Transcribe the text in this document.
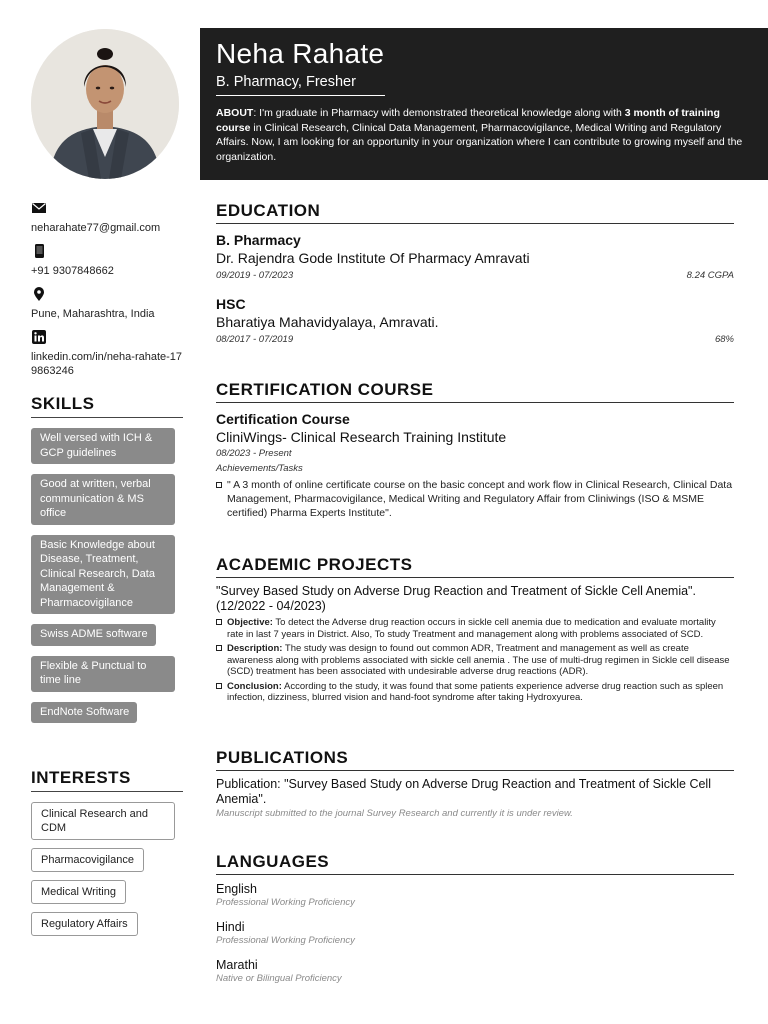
neharahate77@gmail.com
+91 9307848662
Pune, Maharashtra, India
linkedin.com/in/neha-rahate-179863246
SKILLS
Well versed with ICH & GCP guidelines
Good at written, verbal communication & MS office
Basic Knowledge about Disease, Treatment, Clinical Research, Data Management & Pharmacovigilance
Swiss ADME software
Flexible & Punctual to time line
EndNote Software
INTERESTS
Clinical Research and CDM
Pharmacovigilance
Medical Writing
Regulatory Affairs
Neha Rahate
B. Pharmacy, Fresher
ABOUT: I'm graduate in Pharmacy with demonstrated theoretical knowledge along with 3 month of training course in Clinical Research, Clinical Data Management, Pharmacovigilance, Medical Writing and Regulatory Affairs. Now, I am looking for an opportunity in your organization where I can contribute to growing myself and the organization.
EDUCATION
B. Pharmacy
Dr. Rajendra Gode Institute Of Pharmacy Amravati
09/2019 - 07/2023	8.24 CGPA
HSC
Bharatiya Mahavidyalaya, Amravati.
08/2017 - 07/2019	68%
CERTIFICATION COURSE
Certification Course
CliniWings- Clinical Research Training Institute
08/2023 - Present
Achievements/Tasks
" A 3 month of online certificate course on the basic concept and work flow in Clinical Research, Clinical Data Management, Pharmacovigilance, Medical Writing and Regulatory Affair from Cliniwings (ISO & MSME certified) Pharma Experts Institute".
ACADEMIC PROJECTS
"Survey Based Study on Adverse Drug Reaction and Treatment of Sickle Cell Anemia".
(12/2022 - 04/2023)
Objective: To detect the Adverse drug reaction occurs in sickle cell anemia due to medication and evaluate mortality rate in last 7 years in District. Also, To study Treatment and management along with problems associated of SCD.
Description: The study was design to found out common ADR, Treatment and management as well as create awareness along with problems associated with sickle cell anemia . The use of multi-drug regimen in Sickle cell disease (SCD) treatment has been associated with undesirable adverse drug reactions (ADR).
Conclusion: According to the study, it was found that some patients experience adverse drug reaction such as spleen infection, dizziness, blurred vision and hand-foot syndrome after taking Hydroxyurea.
PUBLICATIONS
Publication: "Survey Based Study on Adverse Drug Reaction and Treatment of Sickle Cell Anemia".
Manuscript submitted to the journal Survey Research and currently it is under review.
LANGUAGES
English
Professional Working Proficiency
Hindi
Professional Working Proficiency
Marathi
Native or Bilingual Proficiency
